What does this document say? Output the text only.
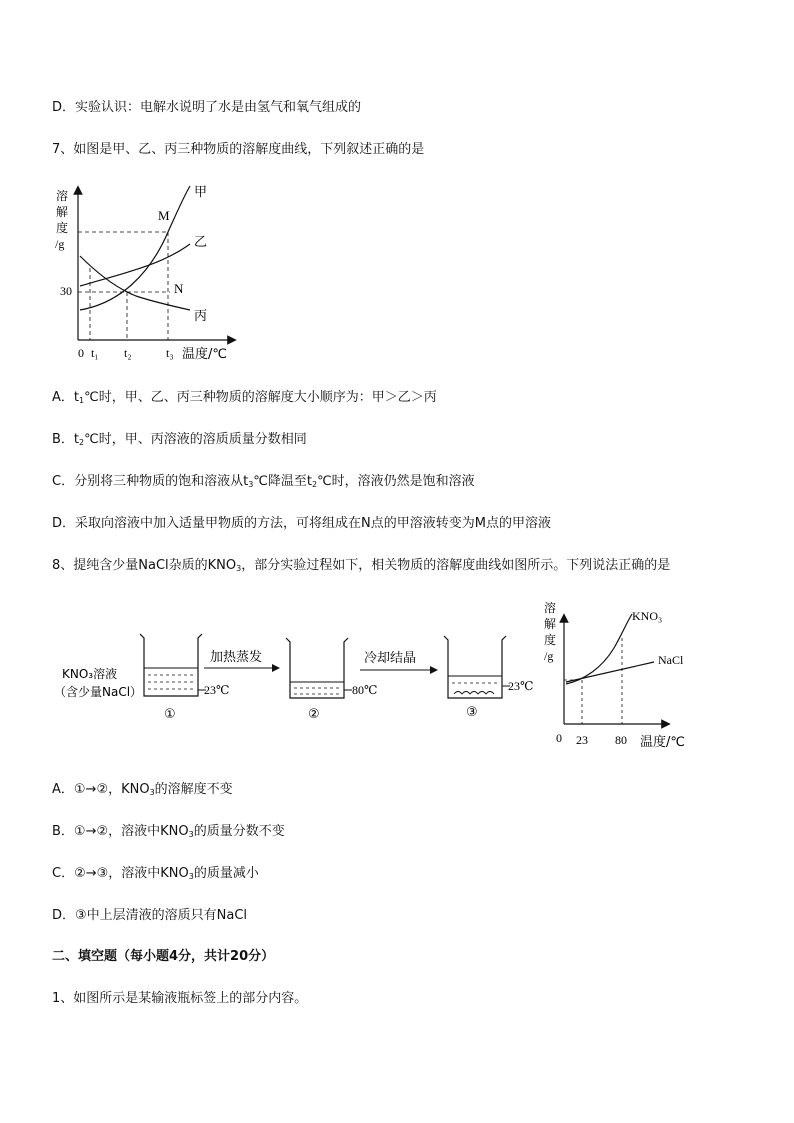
D．实验认识：电解水说明了水是由氢气和氧气组成的
7、如图是甲、乙、丙三种物质的溶解度曲线，下列叙述正确的是
溶
解
度
/g
甲
乙
丙
M
N
30
0 t₁ t₂	t₃ 温度/℃
A．$t_1℃$时，甲、乙、丙三种物质的溶解度大小顺序为：甲＞乙＞丙
B．$t_2℃$时，甲、丙溶液的溶质质量分数相同
C．分别将三种物质的饱和溶液从$t_3℃$降温至$t_2℃$时，溶液仍然是饱和溶液
D．采取向溶液中加入适量甲物质的方法，可将组成在N点的甲溶液转变为M点的甲溶液
8、提纯含少量NaCl杂质的$KNO_3$，部分实验过程如下，相关物质的溶解度曲线如图所示。下列说法正确的是
KNO₃溶液
（含少量NaCl）	23℃
①
加热蒸发
80℃
②
冷却结晶
23℃
③
溶
解
度
/g
KNO₃
NaCl
0 23 80 温度/℃
A．①→②，$KNO_3$的溶解度不变
B．①→②，溶液中$KNO_3$的质量分数不变
C．②→③，溶液中$KNO_3$的质量减小
D．③中上层清液的溶质只有NaCl
二、填空题（每小题4分，共计20分）
1、如图所示是某输液瓶标签上的部分内容。
